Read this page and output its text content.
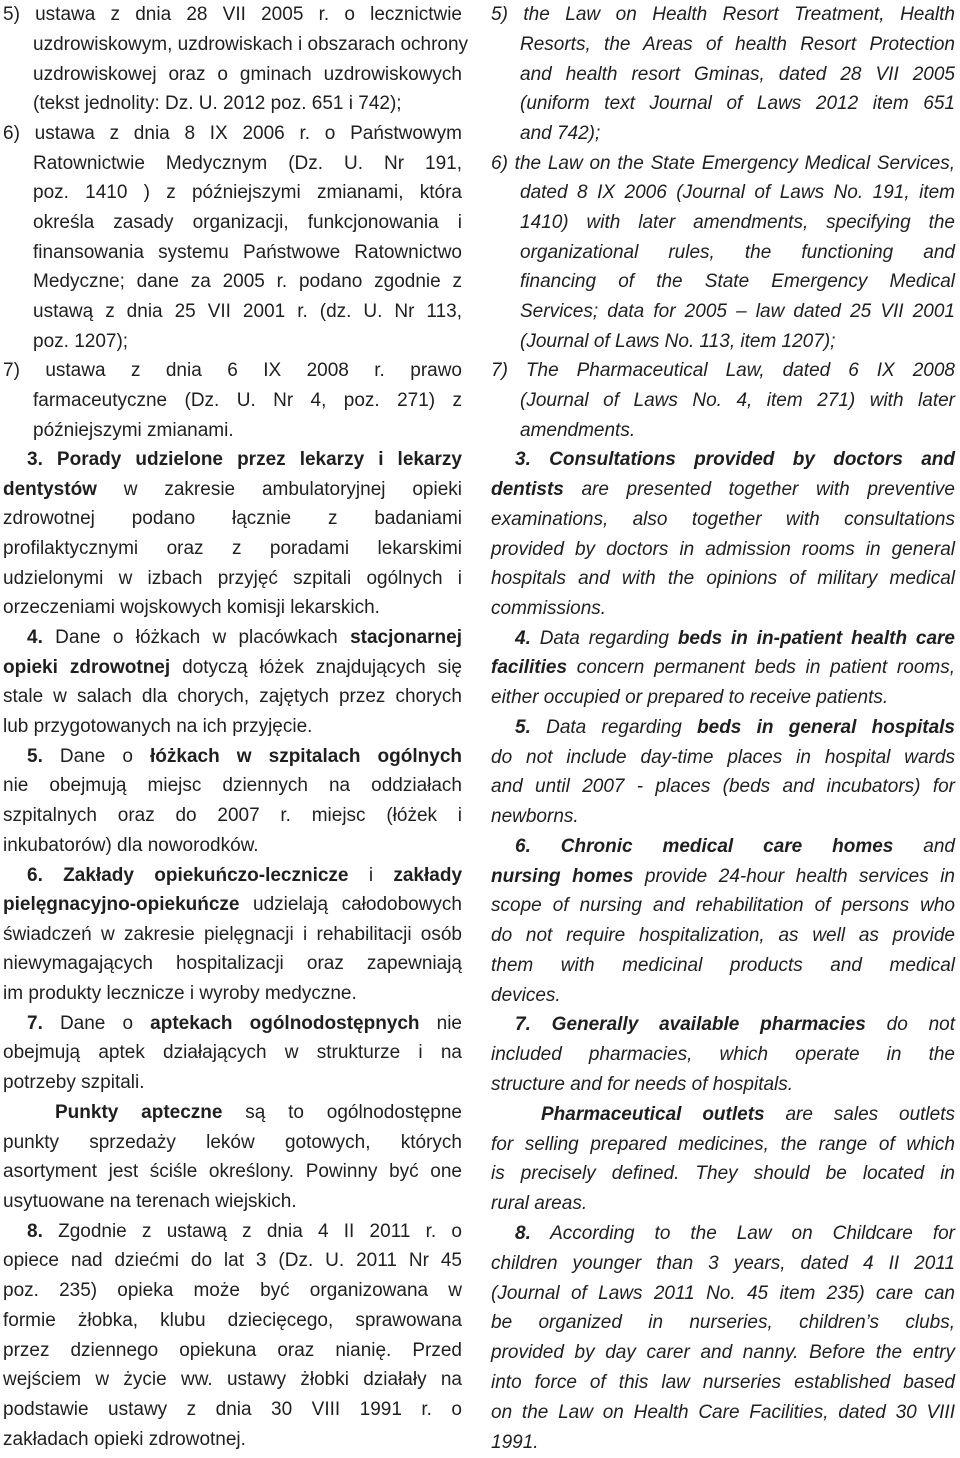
5) ustawa z dnia 28 VII 2005 r. o lecznictwie
uzdrowiskowym, uzdrowiskach i obszarach ochrony
uzdrowiskowej oraz o gminach uzdrowiskowych
(tekst jednolity: Dz. U. 2012 poz. 651 i 742);
6) ustawa z dnia 8 IX 2006 r. o Państwowym
Ratownictwie Medycznym (Dz. U. Nr 191,
poz. 1410 ) z późniejszymi zmianami, która
określa zasady organizacji, funkcjonowania i
finansowania systemu Państwowe Ratownictwo
Medyczne; dane za 2005 r. podano zgodnie z
ustawą z dnia 25 VII 2001 r. (dz. U. Nr 113,
poz. 1207);
7) ustawa z dnia 6 IX 2008 r. prawo
farmaceutyczne (Dz. U. Nr 4, poz. 271) z
późniejszymi zmianami.
3. Porady udzielone przez lekarzy i lekarzy
dentystów w zakresie ambulatoryjnej opieki
zdrowotnej podano łącznie z badaniami
profilaktycznymi oraz z poradami lekarskimi
udzielonymi w izbach przyjęć szpitali ogólnych i
orzeczeniami wojskowych komisji lekarskich.
4. Dane o łóżkach w placówkach stacjonarnej
opieki zdrowotnej dotyczą łóżek znajdujących się
stale w salach dla chorych, zajętych przez chorych
lub przygotowanych na ich przyjęcie.
5. Dane o łóżkach w szpitalach ogólnych
nie obejmują miejsc dziennych na oddziałach
szpitalnych oraz do 2007 r. miejsc (łóżek i
inkubatorów) dla noworodków.
6. Zakłady opiekuńczo-lecznicze i zakłady
pielęgnacyjno-opiekuńcze udzielają całodobowych
świadczeń w zakresie pielęgnacji i rehabilitacji osób
niewymagających hospitalizacji oraz zapewniają
im produkty lecznicze i wyroby medyczne.
7. Dane o aptekach ogólnodostępnych nie
obejmują aptek działających w strukturze i na
potrzeby szpitali.
Punkty apteczne są to ogólnodostępne
punkty sprzedaży leków gotowych, których
asortyment jest ściśle określony. Powinny być one
usytuowane na terenach wiejskich.
8. Zgodnie z ustawą z dnia 4 II 2011 r. o
opiece nad dziećmi do lat 3 (Dz. U. 2011 Nr 45
poz. 235) opieka może być organizowana w
formie żłobka, klubu dziecięcego, sprawowana
przez dziennego opiekuna oraz nianię. Przed
wejściem w życie ww. ustawy żłobki działały na
podstawie ustawy z dnia 30 VIII 1991 r. o
zakładach opieki zdrowotnej.
5) the Law on Health Resort Treatment, Health
Resorts, the Areas of health Resort Protection
and health resort Gminas, dated 28 VII 2005
(uniform text Journal of Laws 2012 item 651
and 742);
6) the Law on the State Emergency Medical Services,
dated 8 IX 2006 (Journal of Laws No. 191, item
1410) with later amendments, specifying the
organizational rules, the functioning and
financing of the State Emergency Medical
Services; data for 2005 – law dated 25 VII 2001
(Journal of Laws No. 113, item 1207);
7) The Pharmaceutical Law, dated 6 IX 2008
(Journal of Laws No. 4, item 271) with later
amendments.
3. Consultations provided by doctors and
dentists are presented together with preventive
examinations, also together with consultations
provided by doctors in admission rooms in general
hospitals and with the opinions of military medical
commissions.
4. Data regarding beds in in-patient health care
facilities concern permanent beds in patient rooms,
either occupied or prepared to receive patients.
5. Data regarding beds in general hospitals
do not include day-time places in hospital wards
and until 2007 - places (beds and incubators) for
newborns.
6. Chronic medical care homes and
nursing homes provide 24-hour health services in
scope of nursing and rehabilitation of persons who
do not require hospitalization, as well as provide
them with medicinal products and medical
devices.
7. Generally available pharmacies do not
included pharmacies, which operate in the
structure and for needs of hospitals.
Pharmaceutical outlets are sales outlets
for selling prepared medicines, the range of which
is precisely defined. They should be located in
rural areas.
8. According to the Law on Childcare for
children younger than 3 years, dated 4 II 2011
(Journal of Laws 2011 No. 45 item 235) care can
be organized in nurseries, children’s clubs,
provided by day carer and nanny. Before the entry
into force of this law nurseries established based
on the Law on Health Care Facilities, dated 30 VIII
1991.
